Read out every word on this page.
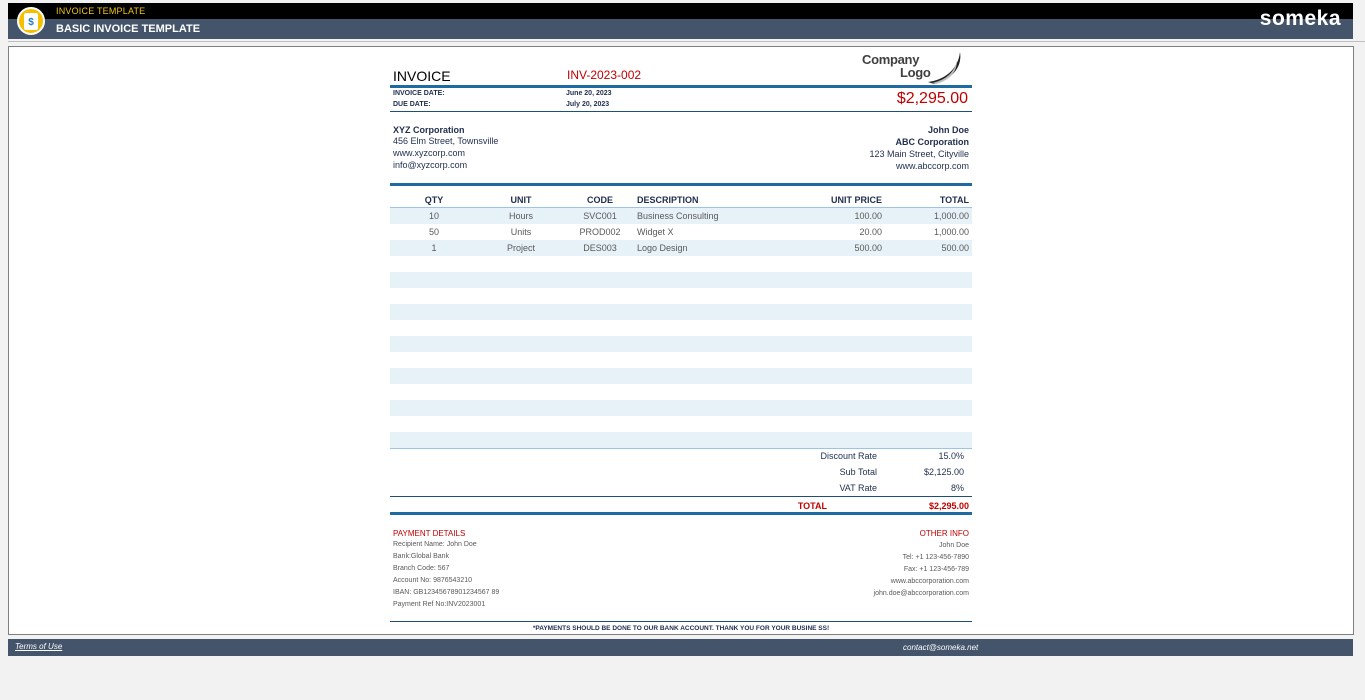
$
INVOICE TEMPLATE
BASIC INVOICE TEMPLATE	someka
Company
Logo
INVOICE	INV-2023-002
INVOICE DATE:	June 20, 2023
DUE DATE:	July 20, 2023	$2,295.00
XYZ Corporation
456 Elm Street, Townsville
www.xyzcorp.com
info@xyzcorp.com
John Doe
ABC Corporation
123 Main Street, Cityville
www.abccorp.com
QTY	UNIT	CODE	DESCRIPTION	UNIT PRICE	TOTAL
10	Hours	SVC001	Business Consulting	100.00	1,000.00
50	Units	PROD002	Widget X	20.00	1,000.00
1	Project	DES003	Logo Design	500.00	500.00
Discount Rate	15.0%
Sub Total	$2,125.00
VAT Rate	8%
TOTAL	$2,295.00
PAYMENT DETAILS
Recipient Name: John Doe
Bank:Global Bank
Branch Code: 567
Account No: 9876543210
IBAN: GB12345678901234567 89
Payment Ref No:INV2023001
OTHER INFO
John Doe
Tel: +1 123-456-7890
Fax: +1 123-456-789
www.abccorporation.com
john.doe@abccorporation.com
*PAYMENTS SHOULD BE DONE TO OUR BANK ACCOUNT. THANK YOU FOR YOUR BUSINE SS!
Terms of Use	contact@someka.net
